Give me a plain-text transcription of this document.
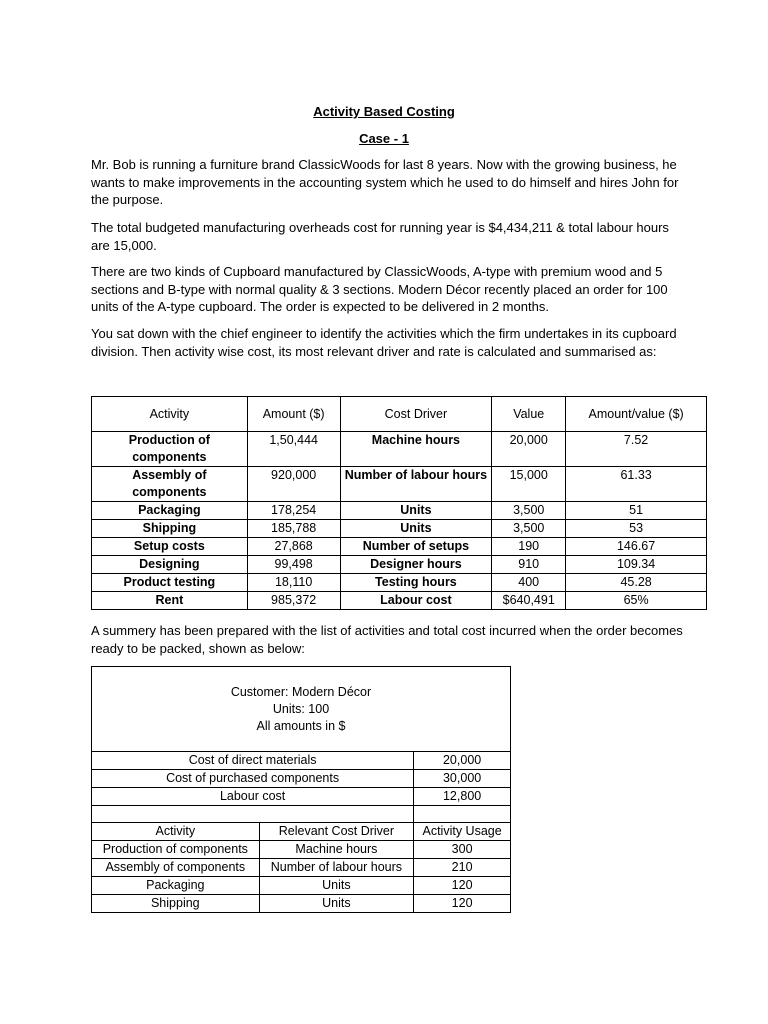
Activity Based Costing
Case - 1
Mr. Bob is running a furniture brand ClassicWoods for last 8 years. Now with the growing business, he wants to make improvements in the accounting system which he used to do himself and hires John for the purpose.
The total budgeted manufacturing overheads cost for running year is $4,434,211 & total labour hours are 15,000.
There are two kinds of Cupboard manufactured by ClassicWoods, A-type with premium wood and 5 sections and B-type with normal quality & 3 sections. Modern Décor recently placed an order for 100 units of the A-type cupboard. The order is expected to be delivered in 2 months.
You sat down with the chief engineer to identify the activities which the firm undertakes in its cupboard division. Then activity wise cost, its most relevant driver and rate is calculated and summarised as:
Activity	Amount ($)	Cost Driver	Value	Amount/value ($)
Production of components	1,50,444	Machine hours	20,000	7.52
Assembly of components	920,000	Number of labour hours	15,000	61.33
Packaging	178,254	Units	3,500	51
Shipping	185,788	Units	3,500	53
Setup costs	27,868	Number of setups	190	146.67
Designing	99,498	Designer hours	910	109.34
Product testing	18,110	Testing hours	400	45.28
Rent	985,372	Labour cost	$640,491	65%
A summery has been prepared with the list of activities and total cost incurred when the order becomes ready to be packed, shown as below:
Customer: Modern Décor
Units: 100
All amounts in $		

Cost of direct materials		20,000
Cost of purchased components		30,000
Labour cost		12,800

Activity	Relevant Cost Driver	Activity Usage
Production of components	Machine hours	300
Assembly of components	Number of labour hours	210
Packaging	Units	120
Shipping	Units	120
